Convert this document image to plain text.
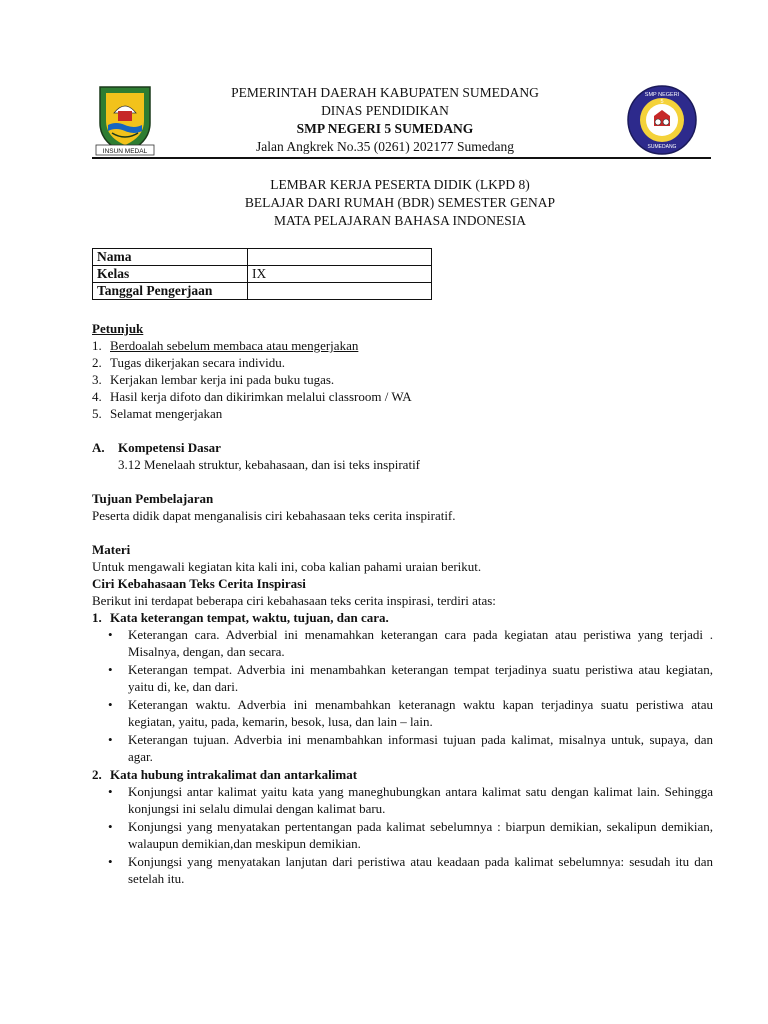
INSUN MEDAL
PEMERINTAH DAERAH KABUPATEN SUMEDANG
DINAS PENDIDIKAN
SMP NEGERI 5 SUMEDANG
Jalan Angkrek No.35 (0261) 202177 Sumedang
SMP NEGERI
5
SUMEDANG
LEMBAR KERJA PESERTA DIDIK (LKPD 8)
BELAJAR DARI RUMAH (BDR) SEMESTER GENAP
MATA PELAJARAN BAHASA INDONESIA
Nama	
Kelas	IX
Tanggal Pengerjaan	
Petunjuk
1. Berdoalah sebelum membaca atau mengerjakan
2. Tugas dikerjakan secara individu.
3. Kerjakan lembar kerja ini pada buku tugas.
4. Hasil kerja difoto dan dikirimkan melalui classroom / WA
5. Selamat mengerjakan
A.	Kompetensi Dasar
3.12 Menelaah struktur, kebahasaan, dan isi teks inspiratif
Tujuan Pembelajaran
Peserta didik dapat menganalisis ciri kebahasaan teks cerita inspiratif.
Materi
Untuk mengawali kegiatan kita kali ini, coba kalian pahami uraian berikut.
Ciri Kebahasaan Teks Cerita Inspirasi
Berikut ini terdapat beberapa ciri kebahasaan teks cerita inspirasi, terdiri atas:
1. Kata keterangan tempat, waktu, tujuan, dan cara.
•	Keterangan cara. Adverbial ini menamahkan keterangan cara pada kegiatan atau peristiwa yang terjadi . Misalnya, dengan, dan secara.
•	Keterangan tempat. Adverbia ini menambahkan keterangan tempat terjadinya suatu peristiwa atau kegiatan, yaitu di, ke, dan dari.
•	Keterangan waktu. Adverbia ini menambahkan keteranagn waktu kapan terjadinya suatu peristiwa atau kegiatan, yaitu, pada, kemarin, besok, lusa, dan lain – lain.
•	Keterangan tujuan. Adverbia ini menambahkan informasi tujuan pada kalimat, misalnya untuk, supaya, dan agar.
2. Kata hubung intrakalimat dan antarkalimat
•	Konjungsi antar kalimat yaitu kata yang maneghubungkan antara kalimat satu dengan kalimat lain. Sehingga konjungsi ini selalu dimulai dengan kalimat baru.
•	Konjungsi yang menyatakan pertentangan pada kalimat sebelumnya : biarpun demikian, sekalipun demikian, walaupun demikian,dan meskipun demikian.
•	Konjungsi yang menyatakan lanjutan dari peristiwa atau keadaan pada kalimat sebelumnya: sesudah itu dan setelah itu.
